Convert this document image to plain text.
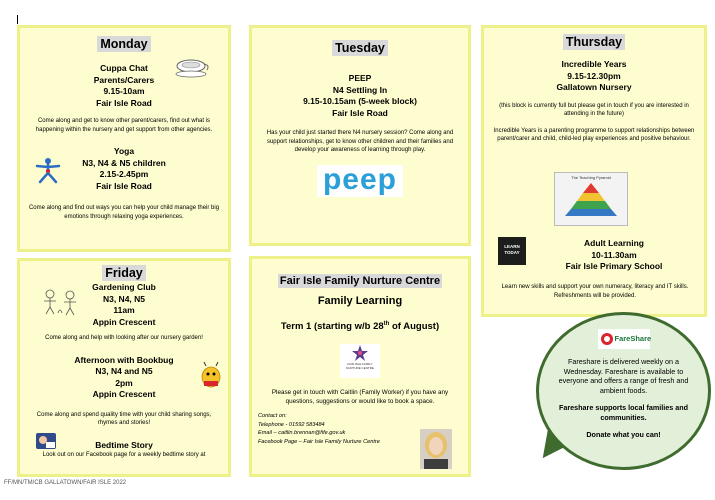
Monday
Cuppa Chat
Parents/Carers
9.15-10am
Fair Isle Road
Come along and get to know other parent/carers, find out what is happening within the nursery and get support from other agencies.
Yoga
N3, N4 & N5 children
2.15-2.45pm
Fair Isle Road
Come along and find out ways you can help your child manage their big emotions through relaxing yoga experiences.
Tuesday
PEEP
N4 Settling In
9.15-10.15am (5-week block)
Fair Isle Road
Has your child just started there N4 nursery session? Come along and support relationships, get to know other children and their families and develop your awareness of learning through play.
peep
Thursday
Incredible Years
9.15-12.30pm
Gallatown Nursery
(this block is currently full but please get in touch if you are interested in attending in the future)
Incredible Years is a parenting programme to support relationships between parent/carer and child, child-led play experiences and positive behaviour.
The Teaching Pyramid
LEARN TODAY
Adult Learning
10-11.30am
Fair Isle Primary School
Learn new skills and support your own numeracy, literacy and IT skills. Refreshments will be provided.
Friday
Gardening Club
N3, N4, N5
11am
Appin Crescent
Come along and help with looking after our nursery garden!
Afternoon with Bookbug
N3, N4 and N5
2pm
Appin Crescent
Come along and spend quality time with your child sharing songs, rhymes and stories!
Bedtime Story
Look out on our Facebook page for a weekly bedtime story at
Fair Isle Family Nurture Centre
Family Learning
Term 1 (starting w/b 28th of August)
FAIR ISLE FAMILY NURTURE CENTRE
Please get in touch with Caitlin (Family Worker) if you have any questions, suggestions or would like to book a space.
Contact on:
Telephone - 01592 583484
Email – caitlin.brennan@fife.gov.uk
Facebook Page – Fair Isle Family Nurture Centre
FareShare
Fareshare is delivered weekly on a Wednesday. Fareshare is available to everyone and offers a range of fresh and ambient foods.
Fareshare supports local families and communities.
Donate what you can!
FF/MN/TM/CB GALLATOWN/FAIR ISLE 2022
